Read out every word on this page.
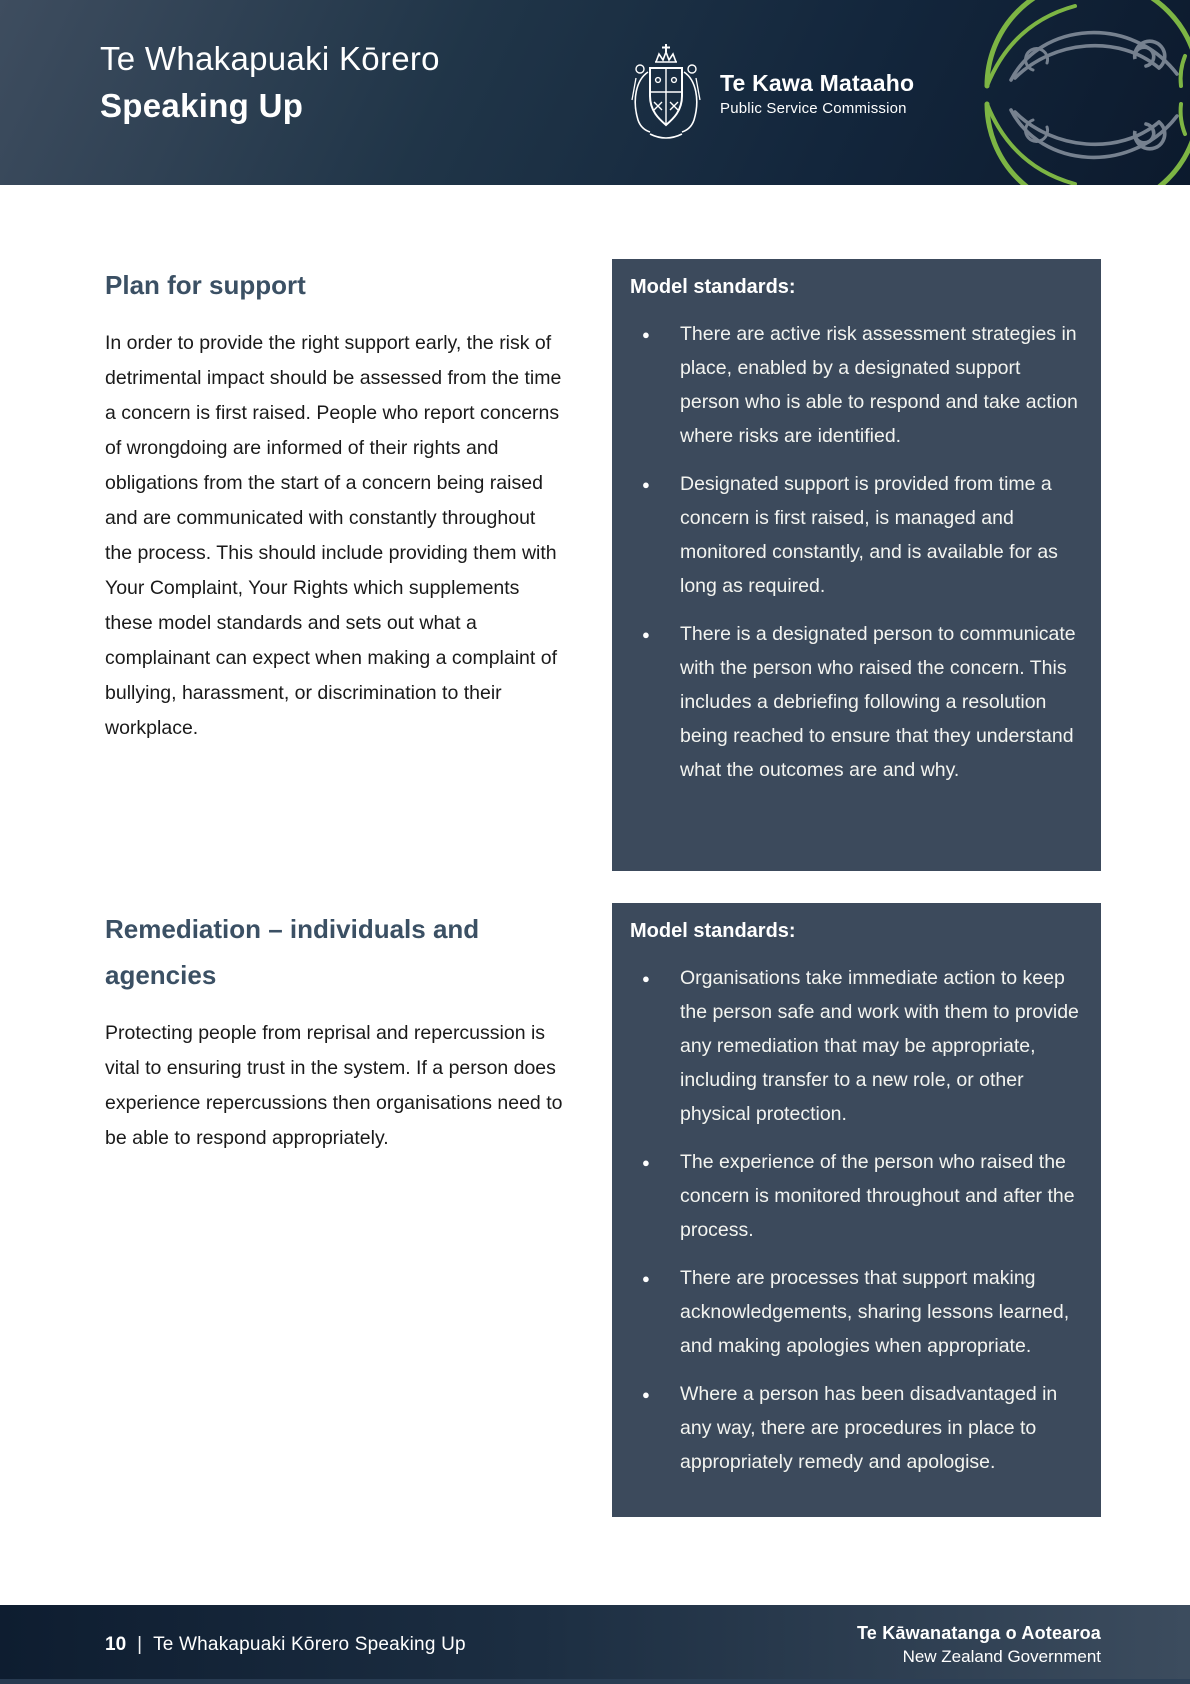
Te Whakapuaki Kōrero
Speaking Up
Te Kawa Mataaho
Public Service Commission
Plan for support

In order to provide the right support early, the risk of detrimental impact should be assessed from the time a concern is first raised. People who report concerns of wrongdoing are informed of their rights and obligations from the start of a concern being raised and are communicated with constantly throughout the process. This should include providing them with Your Complaint, Your Rights which supplements these model standards and sets out what a complainant can expect when making a complaint of bullying, harassment, or discrimination to their workplace.

Model standards:
● There are active risk assessment strategies in place, enabled by a designated support person who is able to respond and take action where risks are identified.
● Designated support is provided from time a concern is first raised, is managed and monitored constantly, and is available for as long as required.
● There is a designated person to communicate with the person who raised the concern. This includes a debriefing following a resolution being reached to ensure that they understand what the outcomes are and why.
Remediation – individuals and agencies

Protecting people from reprisal and repercussion is vital to ensuring trust in the system. If a person does experience repercussions then organisations need to be able to respond appropriately.

Model standards:
● Organisations take immediate action to keep the person safe and work with them to provide any remediation that may be appropriate, including transfer to a new role, or other physical protection.
● The experience of the person who raised the concern is monitored throughout and after the process.
● There are processes that support making acknowledgements, sharing lessons learned, and making apologies when appropriate.
● Where a person has been disadvantaged in any way, there are procedures in place to appropriately remedy and apologise.
10 | Te Whakapuaki Kōrero Speaking Up
Te Kāwanatanga o Aotearoa
New Zealand Government
